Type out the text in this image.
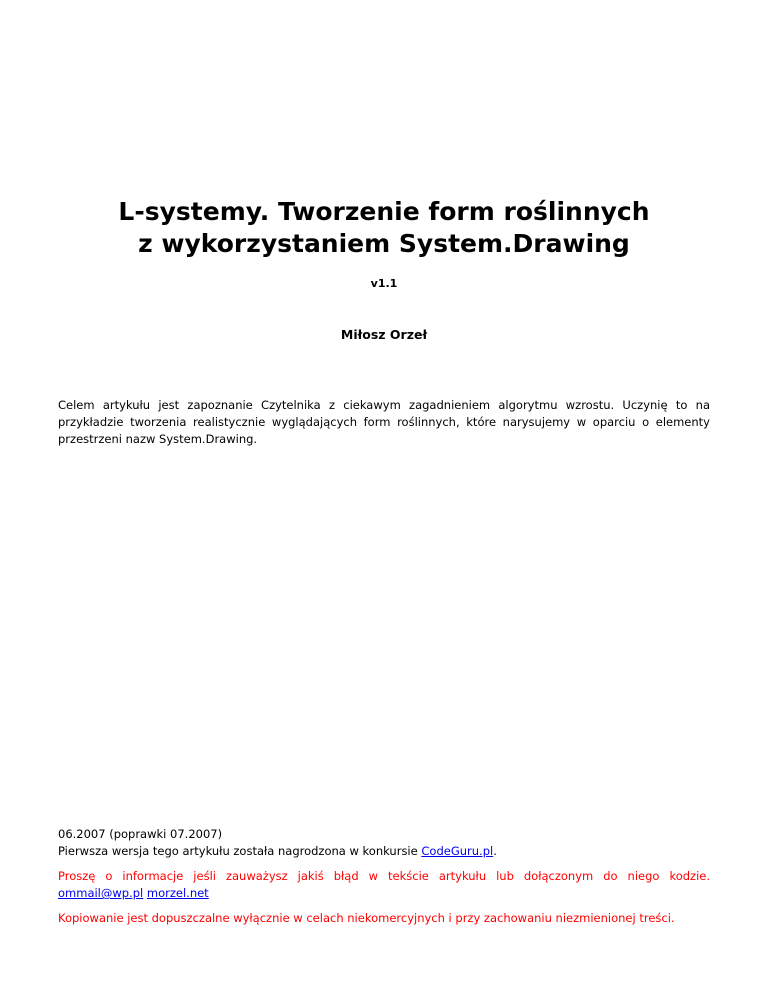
L-systemy. Tworzenie form roślinnych
z wykorzystaniem System.Drawing
v1.1
Miłosz Orzeł
Celem artykułu jest zapoznanie Czytelnika z ciekawym zagadnieniem algorytmu wzrostu. Uczynię to na przykładzie tworzenia realistycznie wyglądających form roślinnych, które narysujemy w oparciu o elementy przestrzeni nazw System.Drawing.

06.2007 (poprawki 07.2007)

Pierwsza wersja tego artykułu została nagrodzona w konkursie CodeGuru.pl.

Proszę o informacje jeśli zauważysz jakiś błąd w tekście artykułu lub dołączonym do niego kodzie. ommail@wp.pl morzel.net

Kopiowanie jest dopuszczalne wyłącznie w celach niekomercyjnych i przy zachowaniu niezmienionej treści.
